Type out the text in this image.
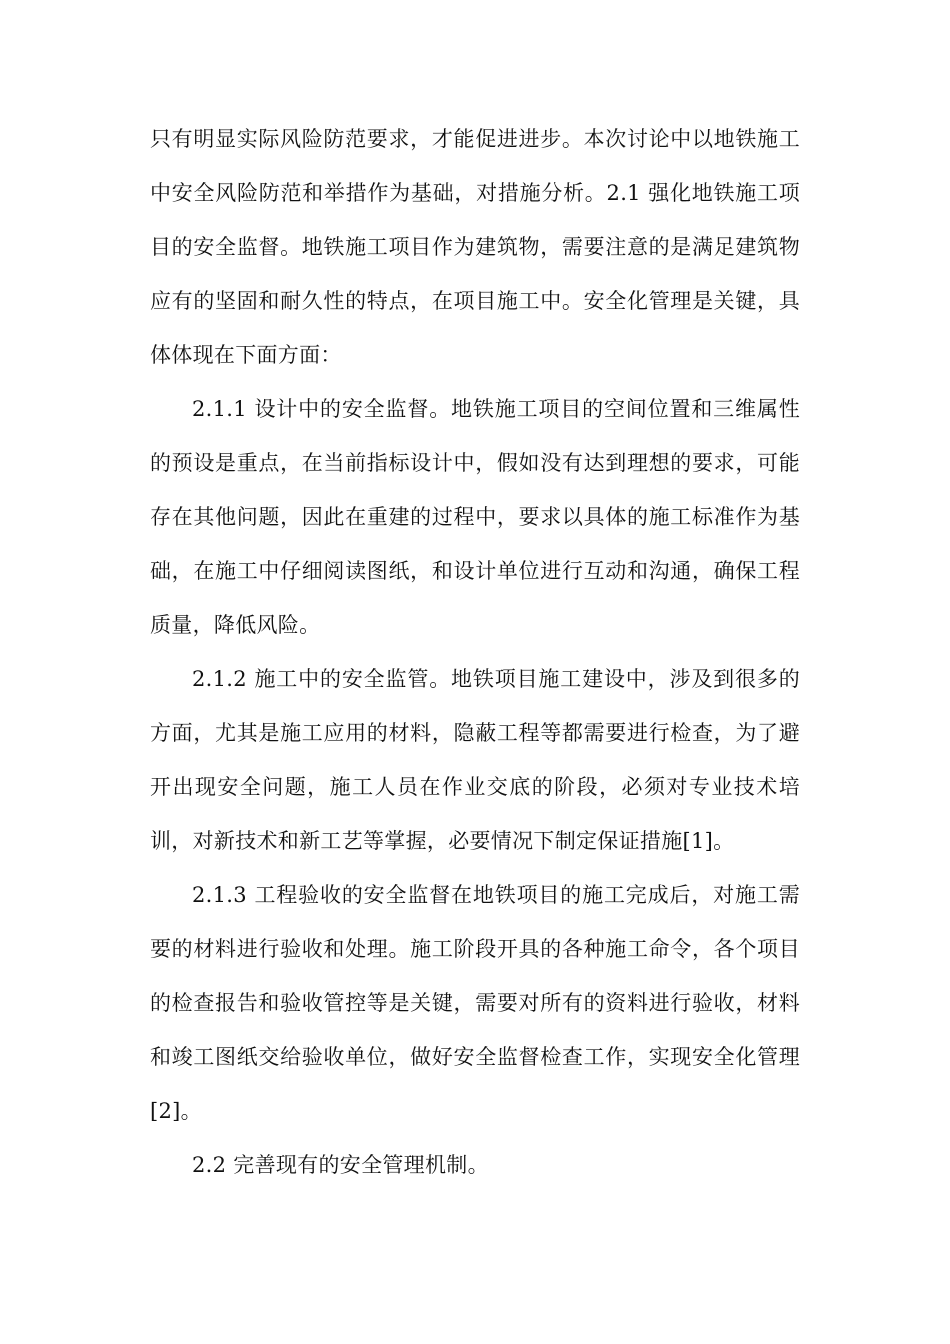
只有明显实际风险防范要求，才能促进进步。本次讨论中以地铁施工中安全风险防范和举措作为基础，对措施分析。2.1 强化地铁施工项目的安全监督。地铁施工项目作为建筑物，需要注意的是满足建筑物应有的坚固和耐久性的特点，在项目施工中。安全化管理是关键，具体体现在下面方面：

2.1.1 设计中的安全监督。地铁施工项目的空间位置和三维属性的预设是重点，在当前指标设计中，假如没有达到理想的要求，可能存在其他问题，因此在重建的过程中，要求以具体的施工标准作为基础，在施工中仔细阅读图纸，和设计单位进行互动和沟通，确保工程质量，降低风险。

2.1.2 施工中的安全监管。地铁项目施工建设中，涉及到很多的方面，尤其是施工应用的材料，隐蔽工程等都需要进行检查，为了避开出现安全问题，施工人员在作业交底的阶段，必须对专业技术培训，对新技术和新工艺等掌握，必要情况下制定保证措施[1]。

2.1.3 工程验收的安全监督在地铁项目的施工完成后，对施工需要的材料进行验收和处理。施工阶段开具的各种施工命令，各个项目的检查报告和验收管控等是关键，需要对所有的资料进行验收，材料和竣工图纸交给验收单位，做好安全监督检查工作，实现安全化管理[2]。

2.2 完善现有的安全管理机制。
